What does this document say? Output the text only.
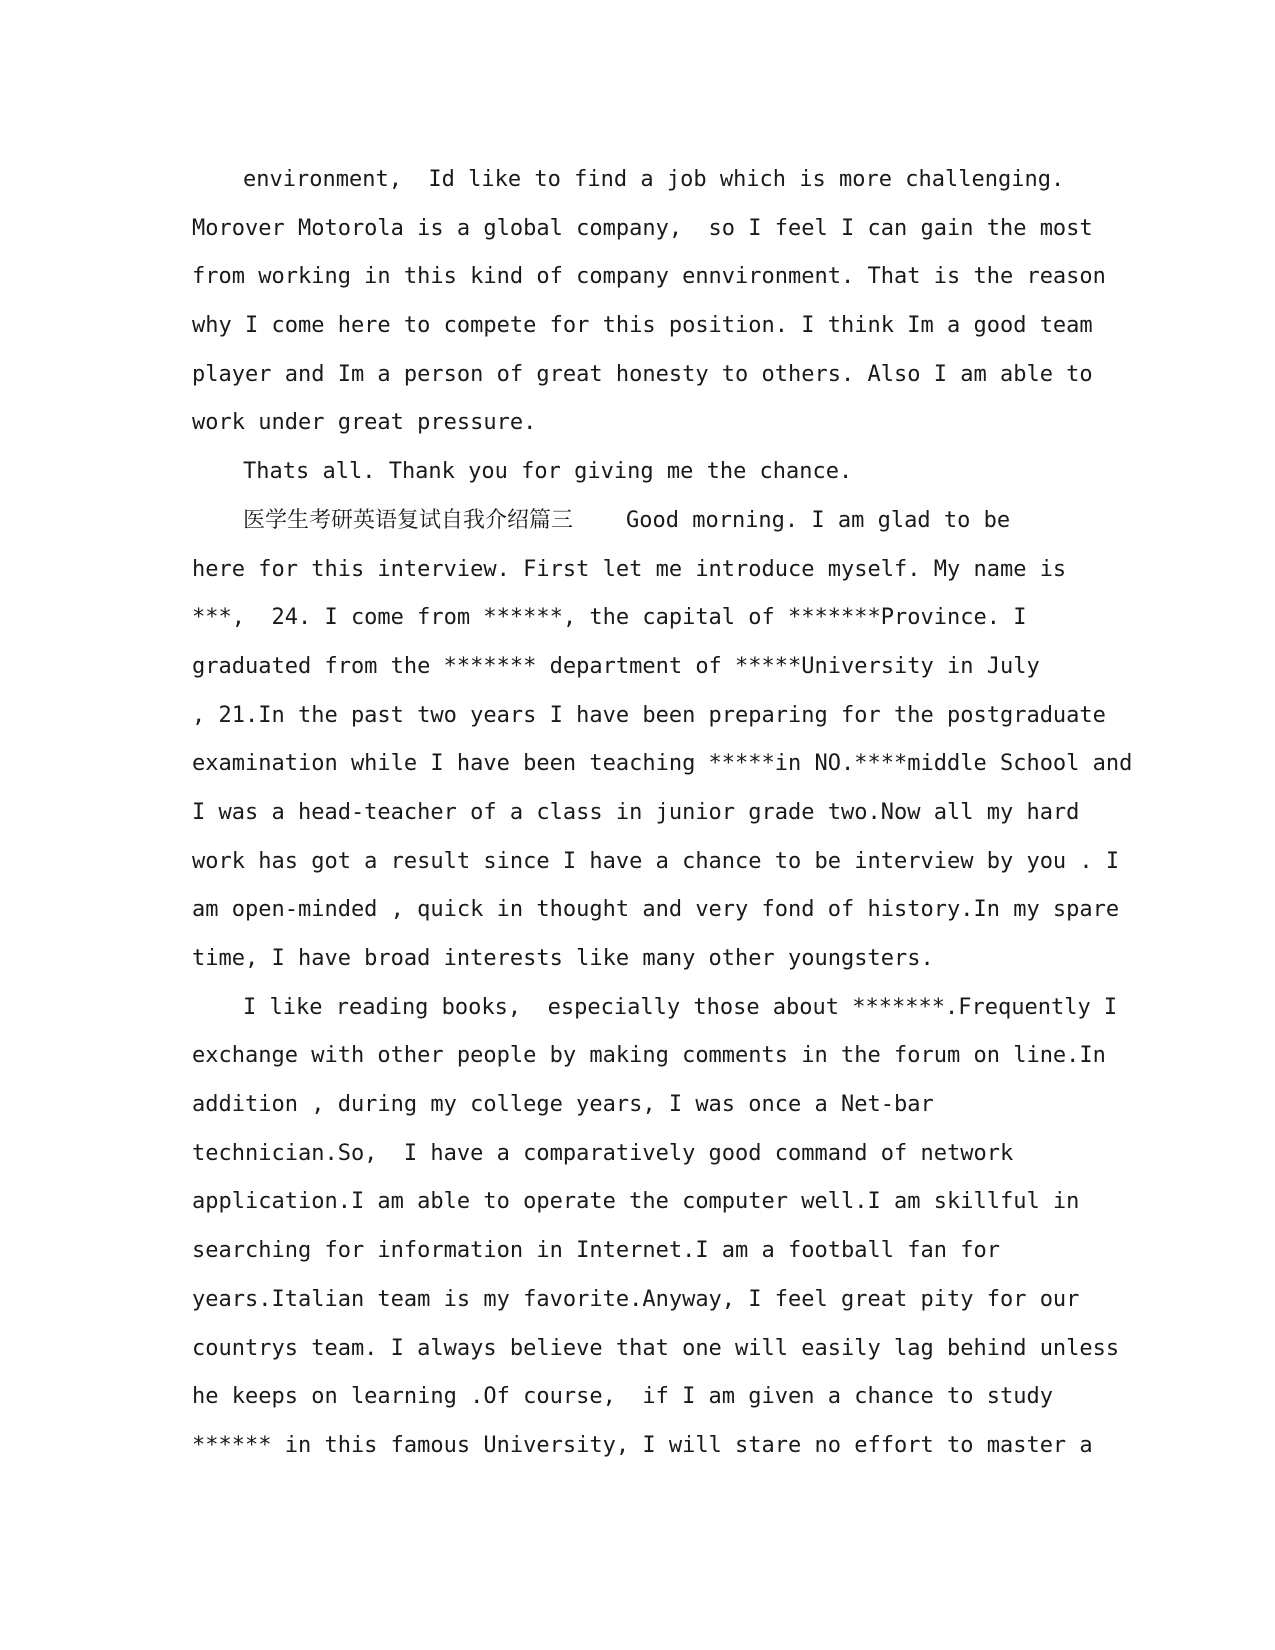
environment,  Id like to find a job which is more challenging.
Morover Motorola is a global company,  so I feel I can gain the most
from working in this kind of company ennvironment. That is the reason
why I come here to compete for this position. I think Im a good team
player and Im a person of great honesty to others. Also I am able to
work under great pressure.
Thats all. Thank you for giving me the chance.
医学生考研英语复试自我介绍篇三    Good morning. I am glad to be
here for this interview. First let me introduce myself. My name is
***,  24. I come from ******, the capital of *******Province. I
graduated from the ******* department of *****University in July
, 21.In the past two years I have been preparing for the postgraduate
examination while I have been teaching *****in NO.****middle School and
I was a head-teacher of a class in junior grade two.Now all my hard
work has got a result since I have a chance to be interview by you . I
am open-minded , quick in thought and very fond of history.In my spare
time, I have broad interests like many other youngsters.
I like reading books,  especially those about *******.Frequently I
exchange with other people by making comments in the forum on line.In
addition , during my college years, I was once a Net-bar
technician.So,  I have a comparatively good command of network
application.I am able to operate the computer well.I am skillful in
searching for information in Internet.I am a football fan for
years.Italian team is my favorite.Anyway, I feel great pity for our
countrys team. I always believe that one will easily lag behind unless
he keeps on learning .Of course,  if I am given a chance to study
****** in this famous University, I will stare no effort to master a
